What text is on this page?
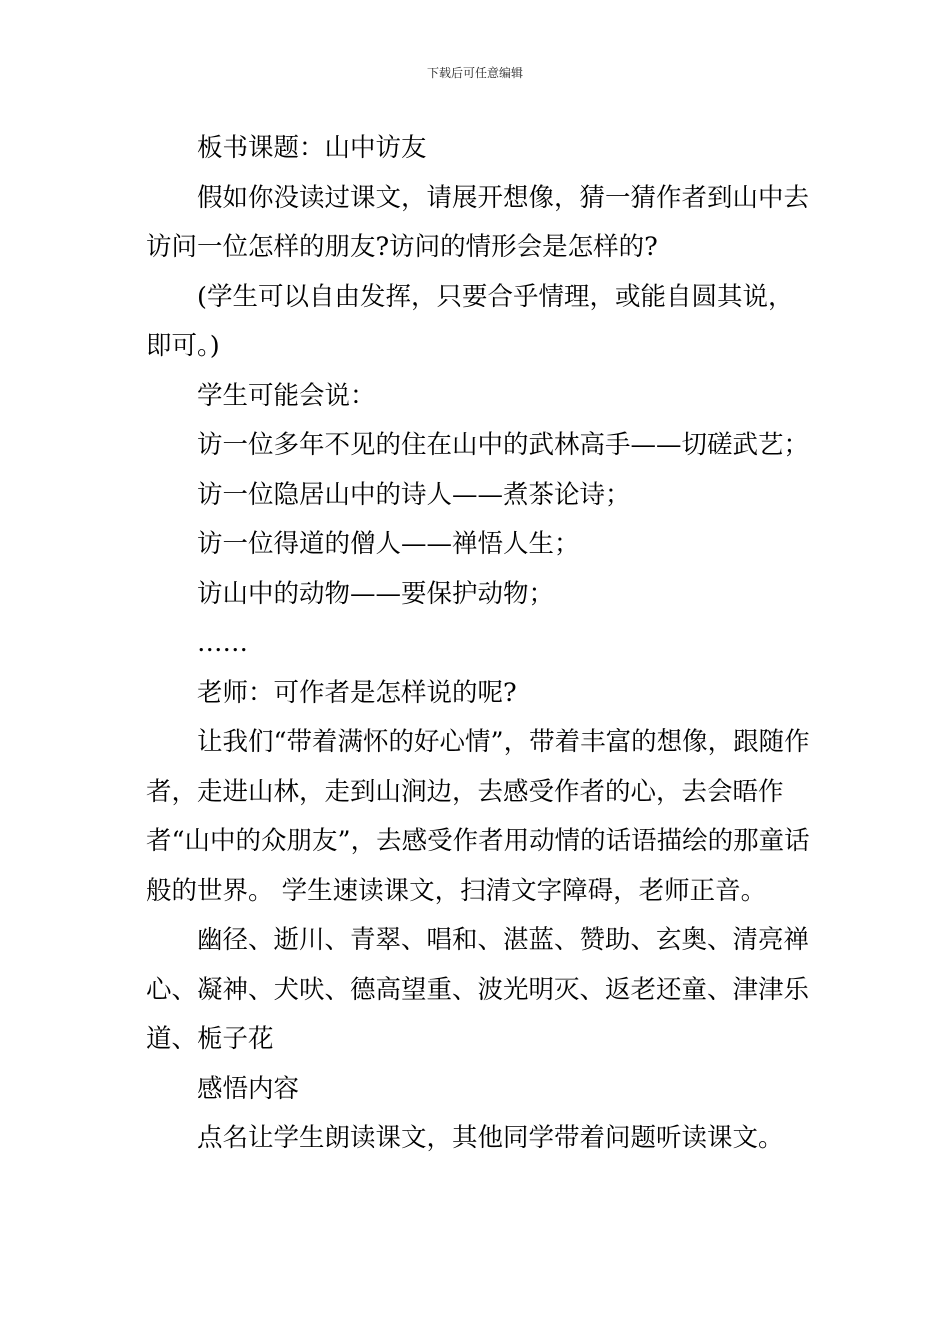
下载后可任意编辑

板书课题：山中访友

假如你没读过课文，请展开想像，猜一猜作者到山中去访问一位怎样的朋友?访问的情形会是怎样的?

(学生可以自由发挥，只要合乎情理，或能自圆其说，即可。)

学生可能会说：

访一位多年不见的住在山中的武林高手——切磋武艺；

访一位隐居山中的诗人——煮茶论诗；

访一位得道的僧人——禅悟人生；

访山中的动物——要保护动物；

……

老师：可作者是怎样说的呢?

让我们“带着满怀的好心情”，带着丰富的想像，跟随作者，走进山林，走到山涧边，去感受作者的心，去会晤作者“山中的众朋友”，去感受作者用动情的话语描绘的那童话般的世界。 学生速读课文，扫清文字障碍，老师正音。

幽径、逝川、青翠、唱和、湛蓝、赞助、玄奥、清亮禅心、凝神、犬吠、德高望重、波光明灭、返老还童、津津乐道、栀子花

感悟内容

点名让学生朗读课文，其他同学带着问题听读课文。
